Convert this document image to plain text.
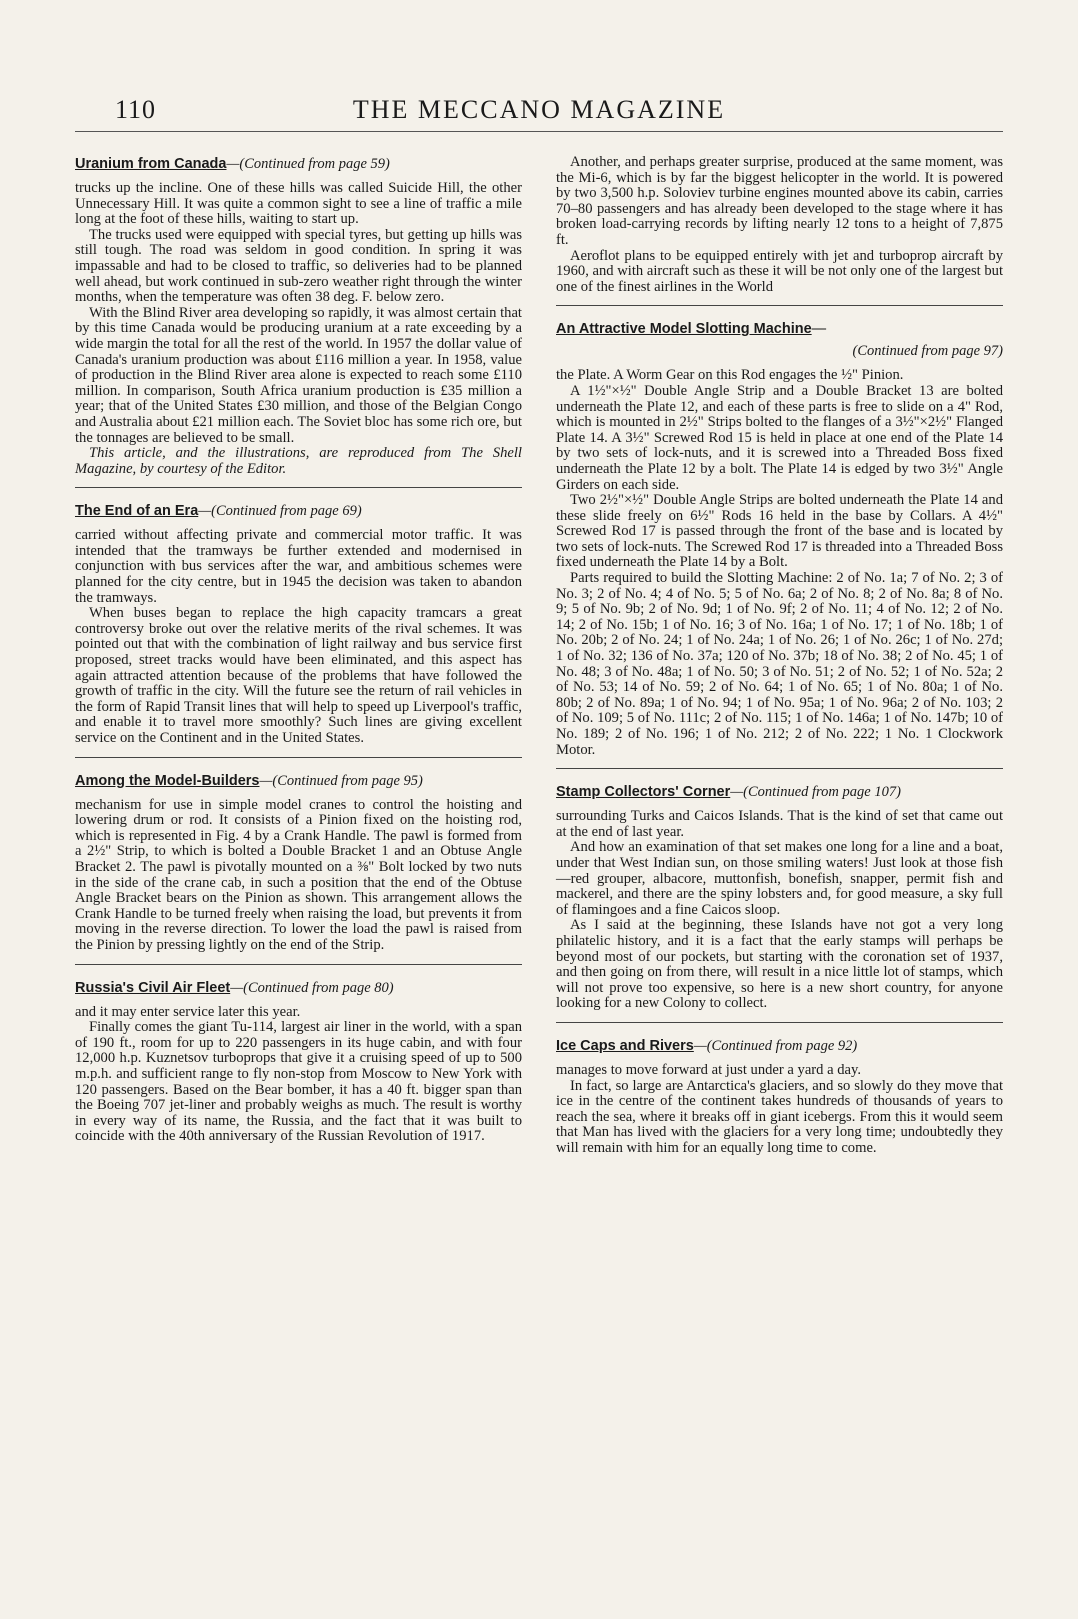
110	THE MECCANO MAGAZINE
Uranium from Canada—(Continued from page 59)

trucks up the incline. One of these hills was called Suicide Hill, the other Unnecessary Hill. It was quite a common sight to see a line of traffic a mile long at the foot of these hills, waiting to start up.

The trucks used were equipped with special tyres, but getting up hills was still tough. The road was seldom in good condition. In spring it was impassable and had to be closed to traffic, so deliveries had to be planned well ahead, but work continued in sub-zero weather right through the winter months, when the temperature was often 38 deg. F. below zero.

With the Blind River area developing so rapidly, it was almost certain that by this time Canada would be producing uranium at a rate exceeding by a wide margin the total for all the rest of the world. In 1957 the dollar value of Canada's uranium production was about £116 million a year. In 1958, value of production in the Blind River area alone is expected to reach some £110 million. In comparison, South Africa uranium production is £35 million a year; that of the United States £30 million, and those of the Belgian Congo and Australia about £21 million each. The Soviet bloc has some rich ore, but the tonnages are believed to be small.

This article, and the illustrations, are reproduced from The Shell Magazine, by courtesy of the Editor.

The End of an Era—(Continued from page 69)

carried without affecting private and commercial motor traffic. It was intended that the tramways be further extended and modernised in conjunction with bus services after the war, and ambitious schemes were planned for the city centre, but in 1945 the decision was taken to abandon the tramways.

When buses began to replace the high capacity tramcars a great controversy broke out over the relative merits of the rival schemes. It was pointed out that with the combination of light railway and bus service first proposed, street tracks would have been eliminated, and this aspect has again attracted attention because of the problems that have followed the growth of traffic in the city. Will the future see the return of rail vehicles in the form of Rapid Transit lines that will help to speed up Liverpool's traffic, and enable it to travel more smoothly? Such lines are giving excellent service on the Continent and in the United States.

Among the Model-Builders—(Continued from page 95)

mechanism for use in simple model cranes to control the hoisting and lowering drum or rod. It consists of a Pinion fixed on the hoisting rod, which is represented in Fig. 4 by a Crank Handle. The pawl is formed from a 2½" Strip, to which is bolted a Double Bracket 1 and an Obtuse Angle Bracket 2. The pawl is pivotally mounted on a ⅜" Bolt locked by two nuts in the side of the crane cab, in such a position that the end of the Obtuse Angle Bracket bears on the Pinion as shown. This arrangement allows the Crank Handle to be turned freely when raising the load, but prevents it from moving in the reverse direction. To lower the load the pawl is raised from the Pinion by pressing lightly on the end of the Strip.

Russia's Civil Air Fleet—(Continued from page 80)

and it may enter service later this year.

Finally comes the giant Tu-114, largest air liner in the world, with a span of 190 ft., room for up to 220 passengers in its huge cabin, and with four 12,000 h.p. Kuznetsov turboprops that give it a cruising speed of up to 500 m.p.h. and sufficient range to fly non-stop from Moscow to New York with 120 passengers. Based on the Bear bomber, it has a 40 ft. bigger span than the Boeing 707 jet-liner and probably weighs as much. The result is worthy in every way of its name, the Russia, and the fact that it was built to coincide with the 40th anniversary of the Russian Revolution of 1917.

Another, and perhaps greater surprise, produced at the same moment, was the Mi-6, which is by far the biggest helicopter in the world. It is powered by two 3,500 h.p. Soloviev turbine engines mounted above its cabin, carries 70–80 passengers and has already been developed to the stage where it has broken load-carrying records by lifting nearly 12 tons to a height of 7,875 ft.

Aeroflot plans to be equipped entirely with jet and turboprop aircraft by 1960, and with aircraft such as these it will be not only one of the largest but one of the finest airlines in the World

An Attractive Model Slotting Machine—
(Continued from page 97)

the Plate. A Worm Gear on this Rod engages the ½" Pinion.

A 1½"×½" Double Angle Strip and a Double Bracket 13 are bolted underneath the Plate 12, and each of these parts is free to slide on a 4" Rod, which is mounted in 2½" Strips bolted to the flanges of a 3½"×2½" Flanged Plate 14. A 3½" Screwed Rod 15 is held in place at one end of the Plate 14 by two sets of lock-nuts, and it is screwed into a Threaded Boss fixed underneath the Plate 12 by a bolt. The Plate 14 is edged by two 3½" Angle Girders on each side.

Two 2½"×½" Double Angle Strips are bolted underneath the Plate 14 and these slide freely on 6½" Rods 16 held in the base by Collars. A 4½" Screwed Rod 17 is passed through the front of the base and is located by two sets of lock-nuts. The Screwed Rod 17 is threaded into a Threaded Boss fixed underneath the Plate 14 by a Bolt.

Parts required to build the Slotting Machine: 2 of No. 1a; 7 of No. 2; 3 of No. 3; 2 of No. 4; 4 of No. 5; 5 of No. 6a; 2 of No. 8; 2 of No. 8a; 8 of No. 9; 5 of No. 9b; 2 of No. 9d; 1 of No. 9f; 2 of No. 11; 4 of No. 12; 2 of No. 14; 2 of No. 15b; 1 of No. 16; 3 of No. 16a; 1 of No. 17; 1 of No. 18b; 1 of No. 20b; 2 of No. 24; 1 of No. 24a; 1 of No. 26; 1 of No. 26c; 1 of No. 27d; 1 of No. 32; 136 of No. 37a; 120 of No. 37b; 18 of No. 38; 2 of No. 45; 1 of No. 48; 3 of No. 48a; 1 of No. 50; 3 of No. 51; 2 of No. 52; 1 of No. 52a; 2 of No. 53; 14 of No. 59; 2 of No. 64; 1 of No. 65; 1 of No. 80a; 1 of No. 80b; 2 of No. 89a; 1 of No. 94; 1 of No. 95a; 1 of No. 96a; 2 of No. 103; 2 of No. 109; 5 of No. 111c; 2 of No. 115; 1 of No. 146a; 1 of No. 147b; 10 of No. 189; 2 of No. 196; 1 of No. 212; 2 of No. 222; 1 No. 1 Clockwork Motor.

Stamp Collectors' Corner—(Continued from page 107)

surrounding Turks and Caicos Islands. That is the kind of set that came out at the end of last year.

And how an examination of that set makes one long for a line and a boat, under that West Indian sun, on those smiling waters! Just look at those fish—red grouper, albacore, muttonfish, bonefish, snapper, permit fish and mackerel, and there are the spiny lobsters and, for good measure, a sky full of flamingoes and a fine Caicos sloop.

As I said at the beginning, these Islands have not got a very long philatelic history, and it is a fact that the early stamps will perhaps be beyond most of our pockets, but starting with the coronation set of 1937, and then going on from there, will result in a nice little lot of stamps, which will not prove too expensive, so here is a new short country, for anyone looking for a new Colony to collect.

Ice Caps and Rivers—(Continued from page 92)

manages to move forward at just under a yard a day.

In fact, so large are Antarctica's glaciers, and so slowly do they move that ice in the centre of the continent takes hundreds of thousands of years to reach the sea, where it breaks off in giant icebergs. From this it would seem that Man has lived with the glaciers for a very long time; undoubtedly they will remain with him for an equally long time to come.
